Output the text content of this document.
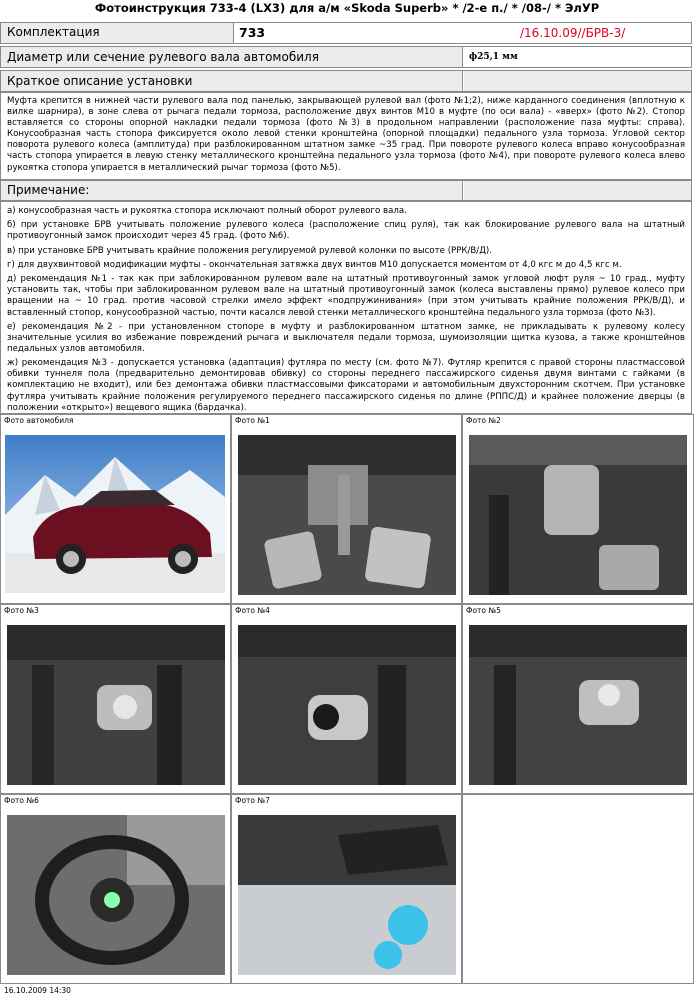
Фотоинструкция 733-4 (LX3) для а/м «Skoda Superb» * /2-е п./ * /08-/ * ЭлУР
Комплектация	733	/16.10.09//БРВ-3/
Диаметр или сечение рулевого вала автомобиля	ф25,1 мм
Краткое описание установки
Муфта крепится в нижней части рулевого вала под панелью, закрывающей рулевой вал (фото №1;2), ниже карданного соединения (вплотную к вилке шарнира), в зоне слева от рычага педали тормоза, расположение двух винтов М10 в муфте (по оси вала) - «вверх» (фото №2). Стопор вставляется со стороны опорной накладки педали тормоза (фото №3) в продольном направлении (расположение паза муфты: справа). Конусообразная часть стопора фиксируется около левой стенки кронштейна (опорной площадки) педального узла тормоза. Угловой сектор поворота рулевого колеса (амплитуда) при разблокированном штатном замке ~35 град. При повороте рулевого колеса вправо конусообразная часть стопора упирается в левую стенку металлического кронштейна педального узла тормоза (фото №4), при повороте рулевого колеса влево рукоятка стопора упирается в металлический рычаг тормоза (фото №5).
Примечание:

а) конусообразная часть и рукоятка стопора исключают полный оборот рулевого вала.

б) при установке БРВ учитывать положение рулевого колеса (расположение спиц руля), так как блокирование рулевого вала на штатный противоугонный замок происходит через 45 град. (фото №6).

в) при установке БРВ учитывать крайние положения регулируемой рулевой колонки по высоте (РРК/В/Д).

г) для двухвинтовой модификации муфты - окончательная затяжка двух винтов М10 допускается моментом от 4,0 кгс м до 4,5 кгс м.

д) рекомендация №1 - так как при заблокированном рулевом вале на штатный противоугонный замок угловой люфт руля ~ 10 град., муфту установить так, чтобы при заблокированном рулевом вале на штатный противоугонный замок (колеса выставлены прямо) рулевое колесо при вращении на ~ 10 град. против часовой стрелки имело эффект «подпружинивания» (при этом учитывать крайние положения РРК/В/Д), и вставленный стопор, конусообразной частью, почти касался левой стенки металлического кронштейна педального узла тормоза (фото №3).

е) рекомендация №2 - при установленном стопоре в муфту и разблокированном штатном замке, не прикладывать к рулевому колесу значительные усилия во избежание повреждений рычага и выключателя педали тормоза, шумоизоляции щитка кузова, а также кронштейнов педальных узлов автомобиля.

ж) рекомендация №3 - допускается установка (адаптация) футляра по месту (см. фото №7). Футляр крепится с правой стороны пластмассовой обивки туннеля пола (предварительно демонтировав обивку) со стороны переднего пассажирского сиденья двумя винтами с гайками (в комплектацию не входит), или без демонтажа обивки пластмассовыми фиксаторами и автомобильным двухсторонним скотчем. При установке футляра учитывать крайние положения регулируемого переднего пассажирского сиденья по длине (РППС/Д) и крайнее положение дверцы (в положении «открыто») вещевого ящика (бардачка).

Фото автомобиля	Фото №1	Фото №2
Фото №3	Фото №4	Фото №5
Фото №6	Фото №7
16.10.2009 14:30
